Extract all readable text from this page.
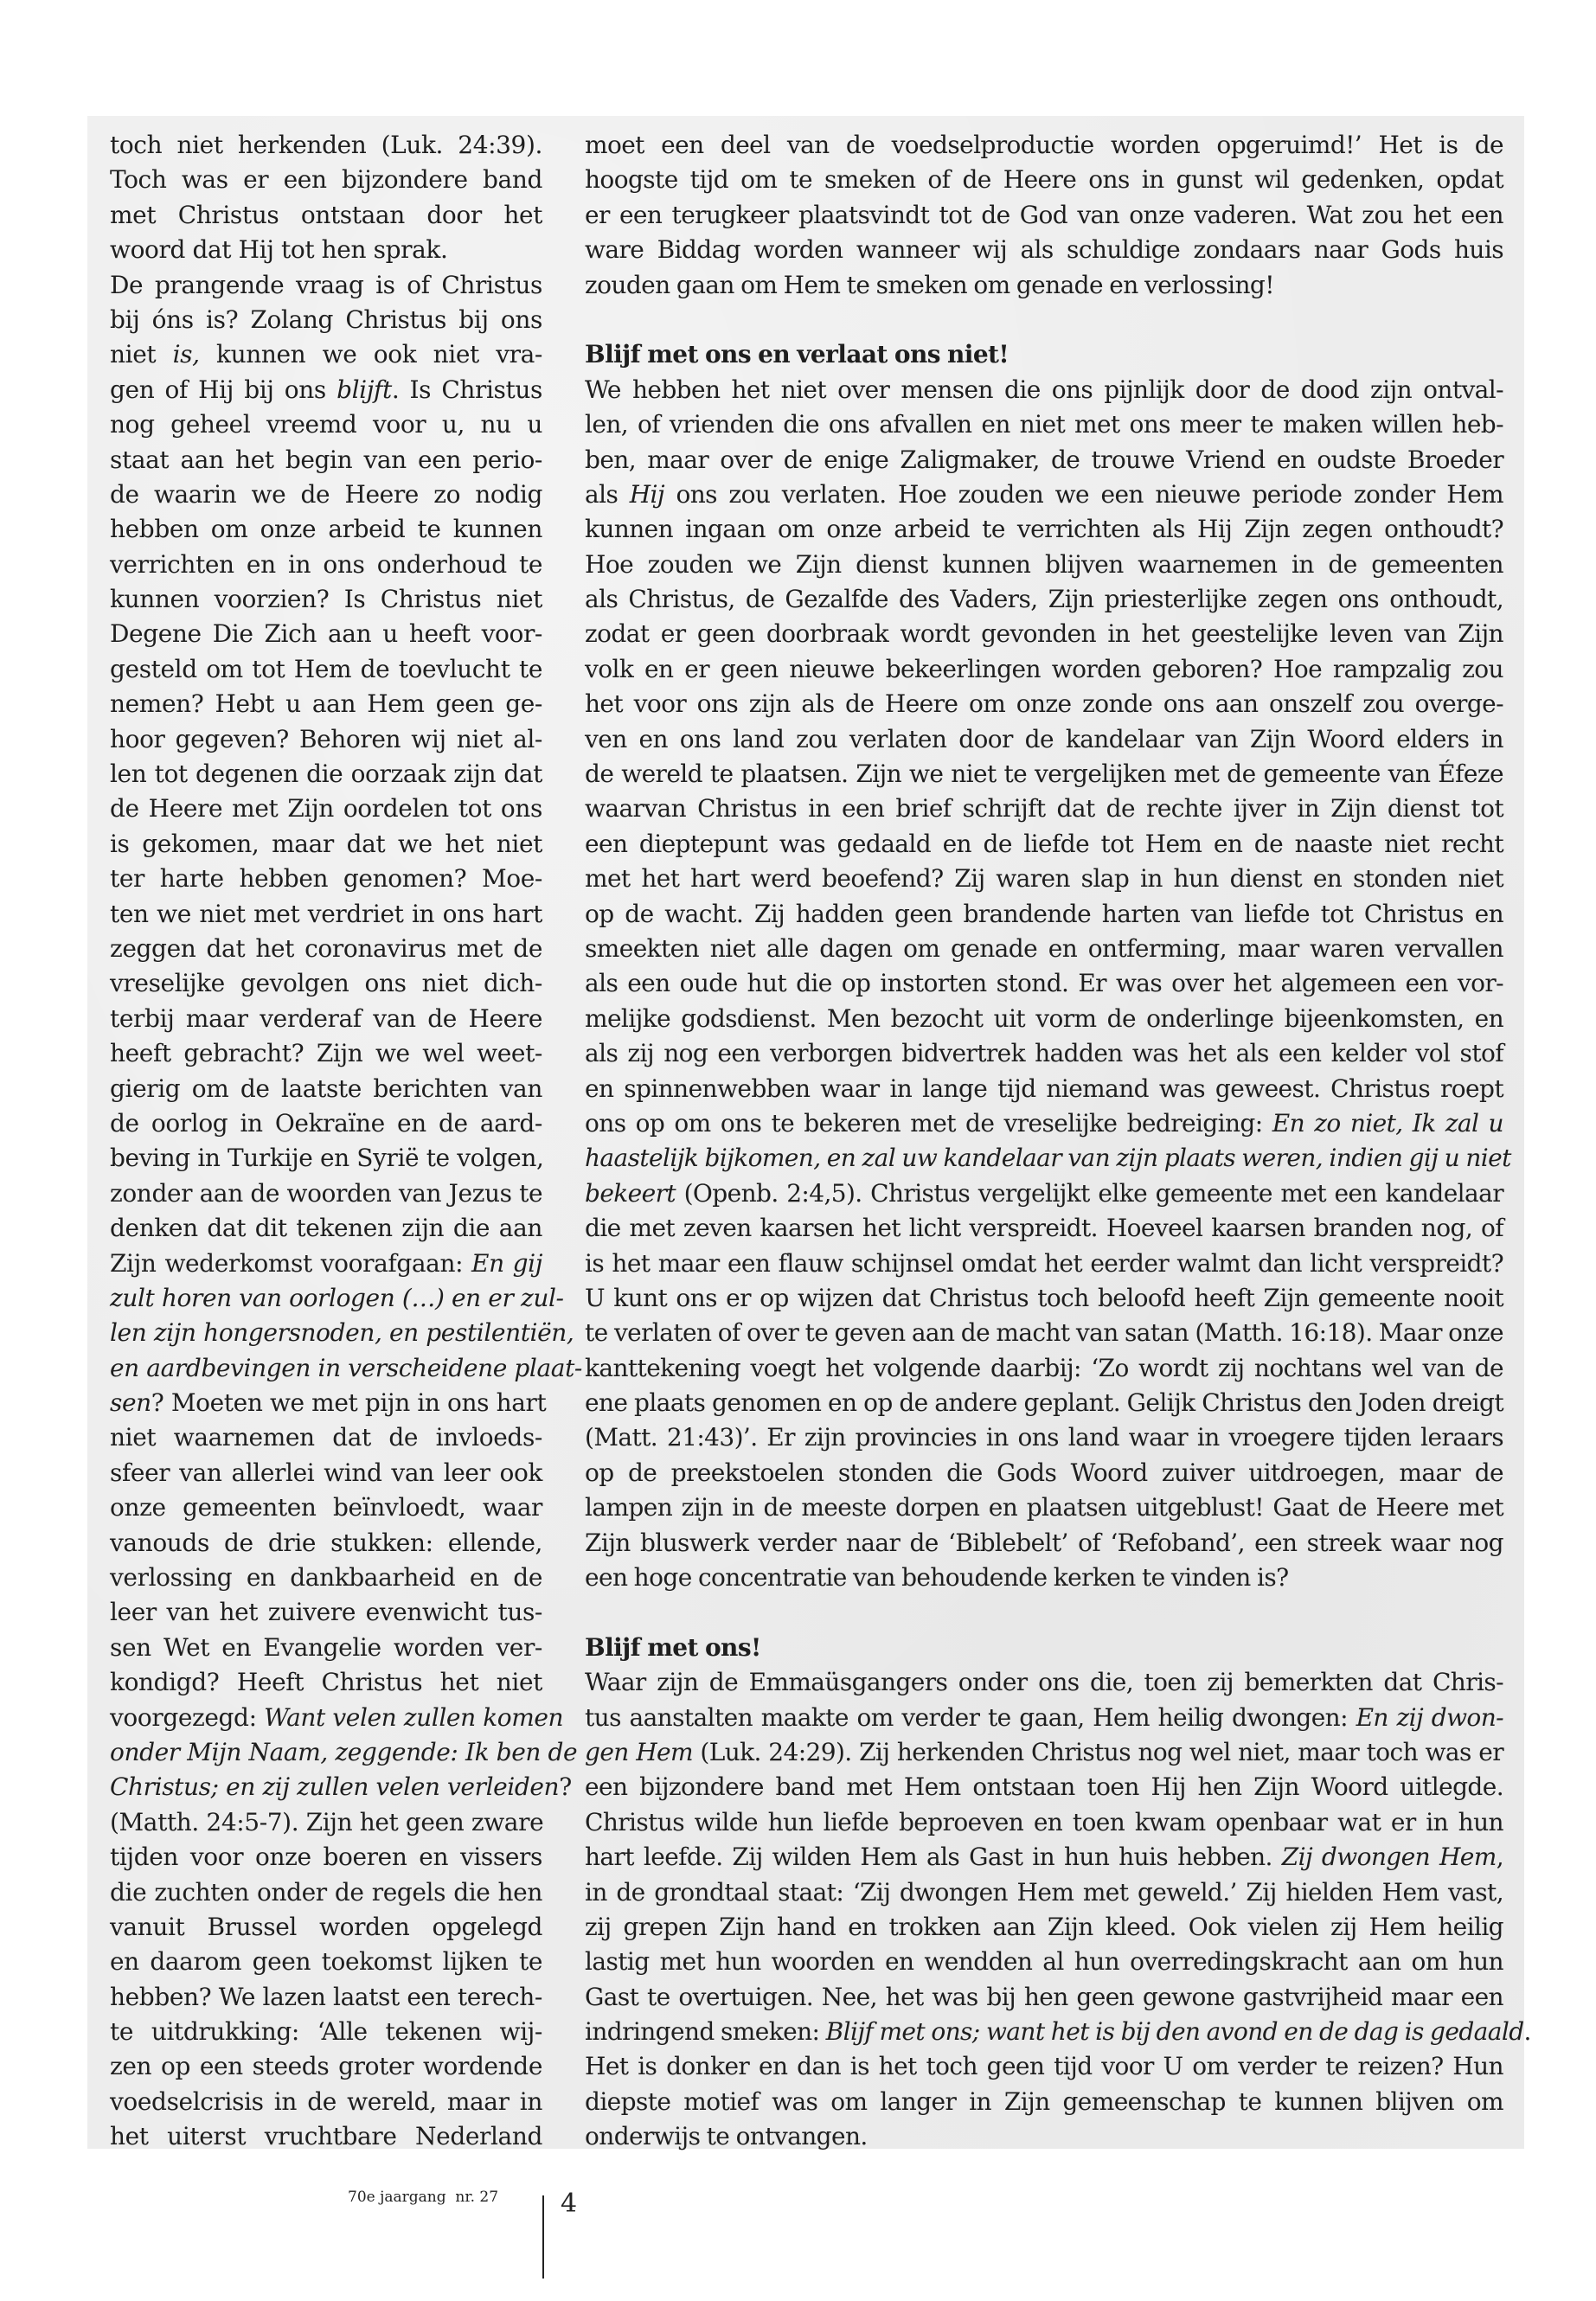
toch niet herkenden (Luk. 24:39).
Toch was er een bijzondere band
met Christus ontstaan door het
woord dat Hij tot hen sprak.
De prangende vraag is of Christus
bij óns is? Zolang Christus bij ons
niet is, kunnen we ook niet vra-
gen of Hij bij ons blijft. Is Christus
nog geheel vreemd voor u, nu u
staat aan het begin van een perio-
de waarin we de Heere zo nodig
hebben om onze arbeid te kunnen
verrichten en in ons onderhoud te
kunnen voorzien? Is Christus niet
Degene Die Zich aan u heeft voor-
gesteld om tot Hem de toevlucht te
nemen? Hebt u aan Hem geen ge-
hoor gegeven? Behoren wij niet al-
len tot degenen die oorzaak zijn dat
de Heere met Zijn oordelen tot ons
is gekomen, maar dat we het niet
ter harte hebben genomen? Moe-
ten we niet met verdriet in ons hart
zeggen dat het coronavirus met de
vreselijke gevolgen ons niet dich-
terbij maar verderaf van de Heere
heeft gebracht? Zijn we wel weet-
gierig om de laatste berichten van
de oorlog in Oekraïne en de aard-
beving in Turkije en Syrië te volgen,
zonder aan de woorden van Jezus te
denken dat dit tekenen zijn die aan
Zijn wederkomst voorafgaan: En gij
zult horen van oorlogen (…) en er zul-
len zijn hongersnoden, en pestilentiën,
en aardbevingen in verscheidene plaat-
sen? Moeten we met pijn in ons hart
niet waarnemen dat de invloeds-
sfeer van allerlei wind van leer ook
onze gemeenten beïnvloedt, waar
vanouds de drie stukken: ellende,
verlossing en dankbaarheid en de
leer van het zuivere evenwicht tus-
sen Wet en Evangelie worden ver-
kondigd? Heeft Christus het niet
voorgezegd: Want velen zullen komen
onder Mijn Naam, zeggende: Ik ben de
Christus; en zij zullen velen verleiden?
(Matth. 24:5-7). Zijn het geen zware
tijden voor onze boeren en vissers
die zuchten onder de regels die hen
vanuit Brussel worden opgelegd
en daarom geen toekomst lijken te
hebben? We lazen laatst een terech-
te uitdrukking: ‘Alle tekenen wij-
zen op een steeds groter wordende
voedselcrisis in de wereld, maar in
het uiterst vruchtbare Nederland
moet een deel van de voedselproductie worden opgeruimd!’ Het is de
hoogste tijd om te smeken of de Heere ons in gunst wil gedenken, opdat
er een terugkeer plaatsvindt tot de God van onze vaderen. Wat zou het een
ware Biddag worden wanneer wij als schuldige zondaars naar Gods huis
zouden gaan om Hem te smeken om genade en verlossing!
Blijf met ons en verlaat ons niet!
We hebben het niet over mensen die ons pijnlijk door de dood zijn ontval-
len, of vrienden die ons afvallen en niet met ons meer te maken willen heb-
ben, maar over de enige Zaligmaker, de trouwe Vriend en oudste Broeder
als Hij ons zou verlaten. Hoe zouden we een nieuwe periode zonder Hem
kunnen ingaan om onze arbeid te verrichten als Hij Zijn zegen onthoudt?
Hoe zouden we Zijn dienst kunnen blijven waarnemen in de gemeenten
als Christus, de Gezalfde des Vaders, Zijn priesterlijke zegen ons onthoudt,
zodat er geen doorbraak wordt gevonden in het geestelijke leven van Zijn
volk en er geen nieuwe bekeerlingen worden geboren? Hoe rampzalig zou
het voor ons zijn als de Heere om onze zonde ons aan onszelf zou overge-
ven en ons land zou verlaten door de kandelaar van Zijn Woord elders in
de wereld te plaatsen. Zijn we niet te vergelijken met de gemeente van Éfeze
waarvan Christus in een brief schrijft dat de rechte ijver in Zijn dienst tot
een dieptepunt was gedaald en de liefde tot Hem en de naaste niet recht
met het hart werd beoefend? Zij waren slap in hun dienst en stonden niet
op de wacht. Zij hadden geen brandende harten van liefde tot Christus en
smeekten niet alle dagen om genade en ontferming, maar waren vervallen
als een oude hut die op instorten stond. Er was over het algemeen een vor-
melijke godsdienst. Men bezocht uit vorm de onderlinge bijeenkomsten, en
als zij nog een verborgen bidvertrek hadden was het als een kelder vol stof
en spinnenwebben waar in lange tijd niemand was geweest. Christus roept
ons op om ons te bekeren met de vreselijke bedreiging: En zo niet, Ik zal u
haastelijk bijkomen, en zal uw kandelaar van zijn plaats weren, indien gij u niet
bekeert (Openb. 2:4,5). Christus vergelijkt elke gemeente met een kandelaar
die met zeven kaarsen het licht verspreidt. Hoeveel kaarsen branden nog, of
is het maar een flauw schijnsel omdat het eerder walmt dan licht verspreidt?
U kunt ons er op wijzen dat Christus toch beloofd heeft Zijn gemeente nooit
te verlaten of over te geven aan de macht van satan (Matth. 16:18). Maar onze
kanttekening voegt het volgende daarbij: ‘Zo wordt zij nochtans wel van de
ene plaats genomen en op de andere geplant. Gelijk Christus den Joden dreigt
(Matt. 21:43)’. Er zijn provincies in ons land waar in vroegere tijden leraars
op de preekstoelen stonden die Gods Woord zuiver uitdroegen, maar de
lampen zijn in de meeste dorpen en plaatsen uitgeblust! Gaat de Heere met
Zijn bluswerk verder naar de ‘Biblebelt’ of ‘Refoband’, een streek waar nog
een hoge concentratie van behoudende kerken te vinden is?
Blijf met ons!
Waar zijn de Emmaüsgangers onder ons die, toen zij bemerkten dat Chris-
tus aanstalten maakte om verder te gaan, Hem heilig dwongen: En zij dwon-
gen Hem (Luk. 24:29). Zij herkenden Christus nog wel niet, maar toch was er
een bijzondere band met Hem ontstaan toen Hij hen Zijn Woord uitlegde.
Christus wilde hun liefde beproeven en toen kwam openbaar wat er in hun
hart leefde. Zij wilden Hem als Gast in hun huis hebben. Zij dwongen Hem,
in de grondtaal staat: ‘Zij dwongen Hem met geweld.’ Zij hielden Hem vast,
zij grepen Zijn hand en trokken aan Zijn kleed. Ook vielen zij Hem heilig
lastig met hun woorden en wendden al hun overredingskracht aan om hun
Gast te overtuigen. Nee, het was bij hen geen gewone gastvrijheid maar een
indringend smeken: Blijf met ons; want het is bij den avond en de dag is gedaald.
Het is donker en dan is het toch geen tijd voor U om verder te reizen? Hun
diepste motief was om langer in Zijn gemeenschap te kunnen blijven om
onderwijs te ontvangen.
70e jaargang  nr. 27 4
